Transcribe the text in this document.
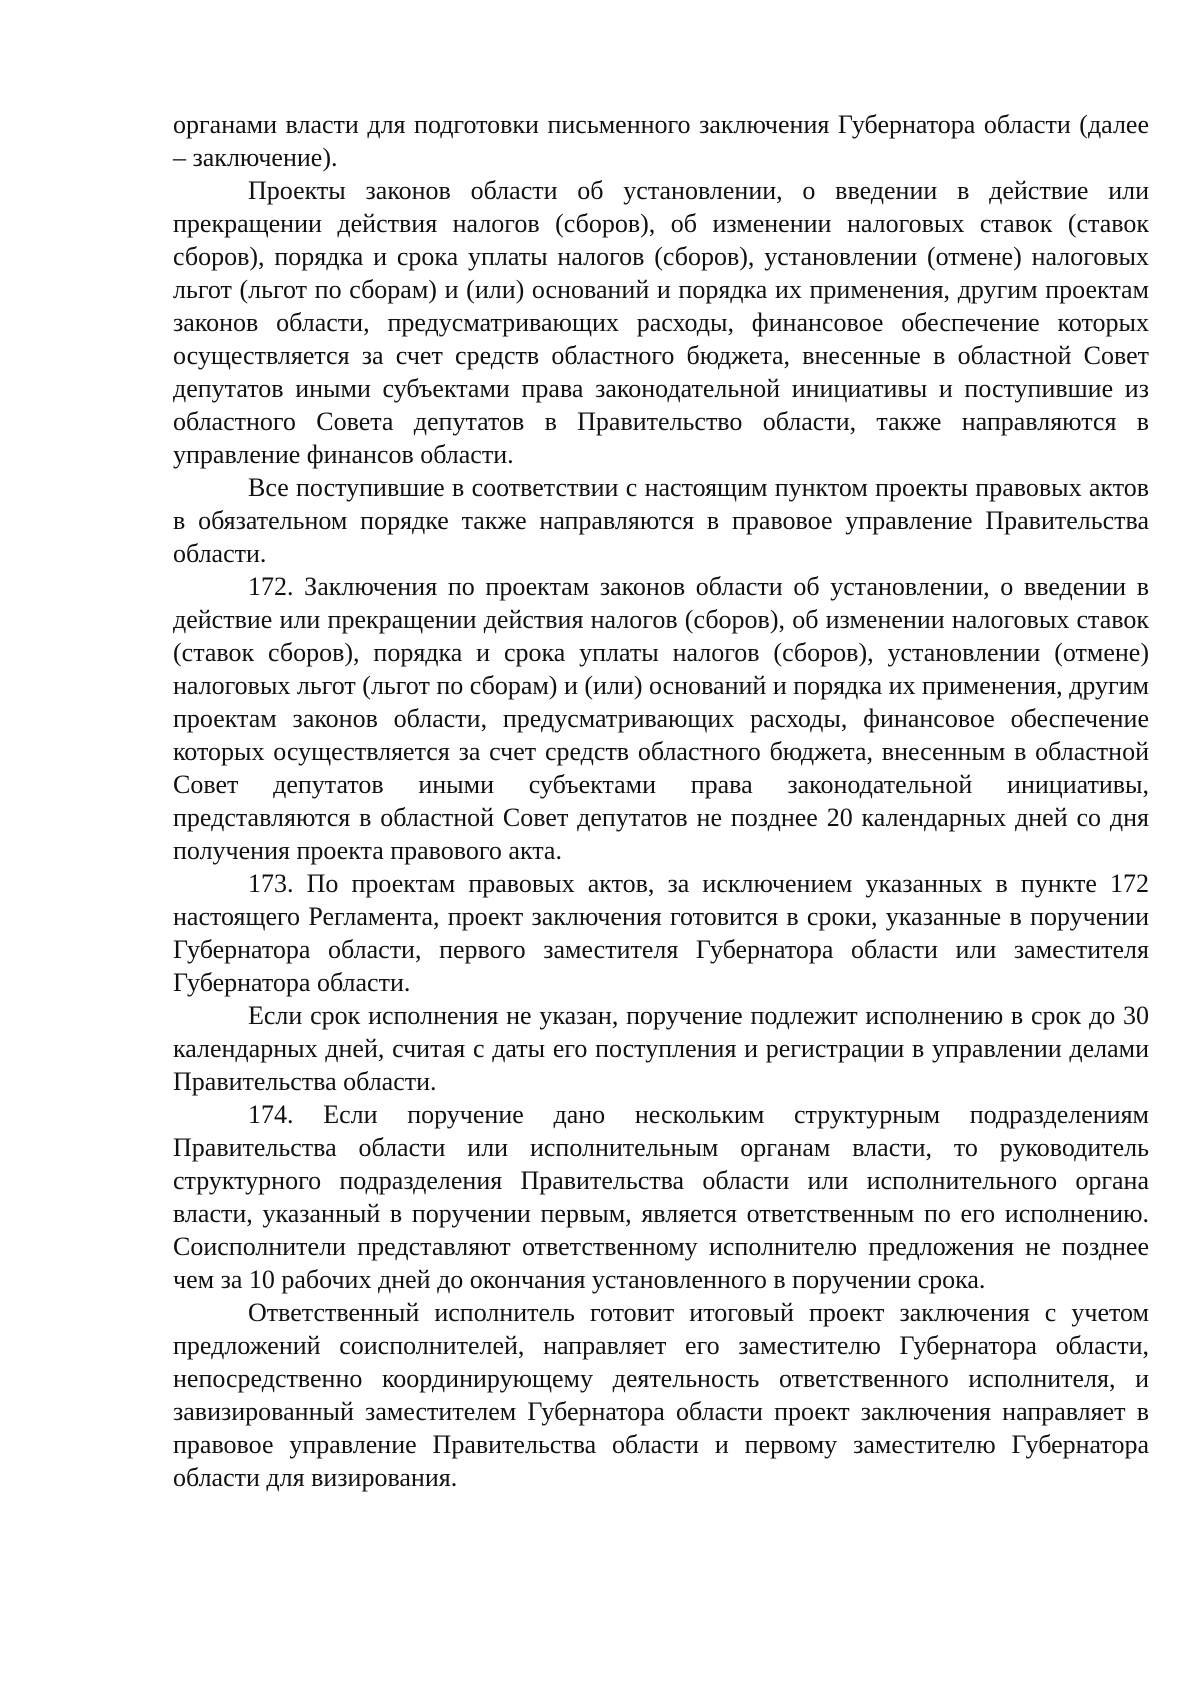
органами власти для подготовки письменного заключения Губернатора области (далее – заключение).

Проекты законов области об установлении, о введении в действие или прекращении действия налогов (сборов), об изменении налоговых ставок (ставок сборов), порядка и срока уплаты налогов (сборов), установлении (отмене) налоговых льгот (льгот по сборам) и (или) оснований и порядка их применения, другим проектам законов области, предусматривающих расходы, финансовое обеспечение которых осуществляется за счет средств областного бюджета, внесенные в областной Совет депутатов иными субъектами права законодательной инициативы и поступившие из областного Совета депутатов в Правительство области, также направляются в управление финансов области.

Все поступившие в соответствии с настоящим пунктом проекты правовых актов в обязательном порядке также направляются в правовое управление Правительства области.

172. Заключения по проектам законов области об установлении, о введении в действие или прекращении действия налогов (сборов), об изменении налоговых ставок (ставок сборов), порядка и срока уплаты налогов (сборов), установлении (отмене) налоговых льгот (льгот по сборам) и (или) оснований и порядка их применения, другим проектам законов области, предусматривающих расходы, финансовое обеспечение которых осуществляется за счет средств областного бюджета, внесенным в областной Совет депутатов иными субъектами права законодательной инициативы, представляются в областной Совет депутатов не позднее 20 календарных дней со дня получения проекта правового акта.

173. По проектам правовых актов, за исключением указанных в пункте 172 настоящего Регламента, проект заключения готовится в сроки, указанные в поручении Губернатора области, первого заместителя Губернатора области или заместителя Губернатора области.

Если срок исполнения не указан, поручение подлежит исполнению в срок до 30 календарных дней, считая с даты его поступления и регистрации в управлении делами Правительства области.

174. Если поручение дано нескольким структурным подразделениям Правительства области или исполнительным органам власти, то руководитель структурного подразделения Правительства области или исполнительного органа власти, указанный в поручении первым, является ответственным по его исполнению. Соисполнители представляют ответственному исполнителю предложения не позднее чем за 10 рабочих дней до окончания установленного в поручении срока.

Ответственный исполнитель готовит итоговый проект заключения с учетом предложений соисполнителей, направляет его заместителю Губернатора области, непосредственно координирующему деятельность ответственного исполнителя, и завизированный заместителем Губернатора области проект заключения направляет в правовое управление Правительства области и первому заместителю Губернатора области для визирования.
